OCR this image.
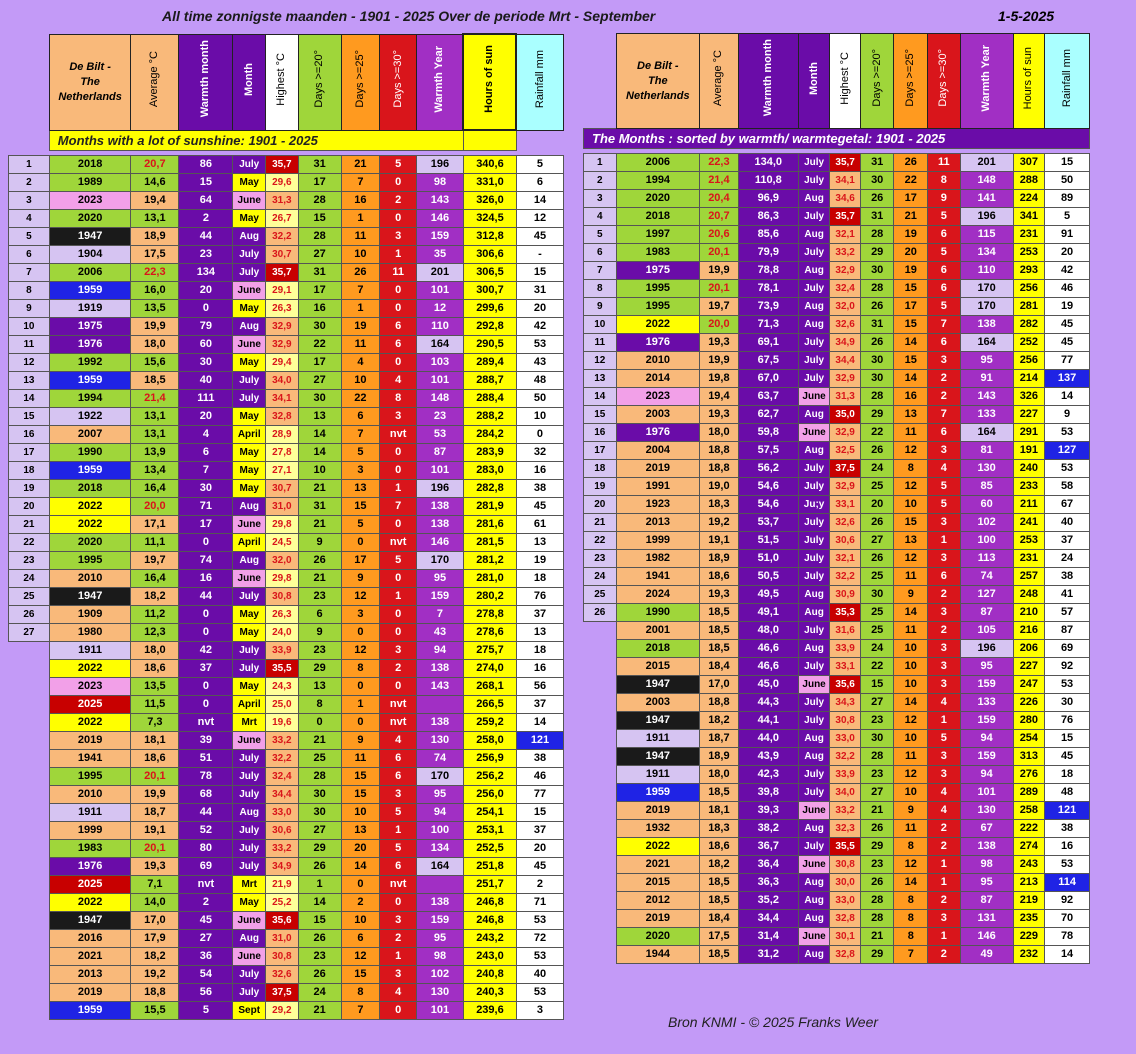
All time zonnigste maanden - 1901 - 2025 Over de periode Mrt - September	1-5-2025

	De Bilt -
The
Netherlands	Average °C	Warmth month	Month	Highest °C	Days >=20°	Days >=25°	Days >=30°	Warmth Year	Hours of sun	Rainfall mm
	Months with a lot of sunshine: 1901 - 2025										

1	2018	20,7	86	July	35,7	31	21	5	196	340,6	5
2	1989	14,6	15	May	29,6	17	7	0	98	331,0	6
3	2023	19,4	64	June	31,3	28	16	2	143	326,0	14
4	2020	13,1	2	May	26,7	15	1	0	146	324,5	12
5	1947	18,9	44	Aug	32,2	28	11	3	159	312,8	45
6	1904	17,5	23	July	30,7	27	10	1	35	306,6	-
7	2006	22,3	134	July	35,7	31	26	11	201	306,5	15
8	1959	16,0	20	June	29,1	17	7	0	101	300,7	31
9	1919	13,5	0	May	26,3	16	1	0	12	299,6	20
10	1975	19,9	79	Aug	32,9	30	19	6	110	292,8	42
11	1976	18,0	60	June	32,9	22	11	6	164	290,5	53
12	1992	15,6	30	May	29,4	17	4	0	103	289,4	43
13	1959	18,5	40	July	34,0	27	10	4	101	288,7	48
14	1994	21,4	111	July	34,1	30	22	8	148	288,4	50
15	1922	13,1	20	May	32,8	13	6	3	23	288,2	10
16	2007	13,1	4	April	28,9	14	7	nvt	53	284,2	0
17	1990	13,9	6	May	27,8	14	5	0	87	283,9	32
18	1959	13,4	7	May	27,1	10	3	0	101	283,0	16
19	2018	16,4	30	May	30,7	21	13	1	196	282,8	38
20	2022	20,0	71	Aug	31,0	31	15	7	138	281,9	45
21	2022	17,1	17	June	29,8	21	5	0	138	281,6	61
22	2020	11,1	0	April	24,5	9	0	nvt	146	281,5	13
23	1995	19,7	74	Aug	32,0	26	17	5	170	281,2	19
24	2010	16,4	16	June	29,8	21	9	0	95	281,0	18
25	1947	18,2	44	July	30,8	23	12	1	159	280,2	76
26	1909	11,2	0	May	26,3	6	3	0	7	278,8	37
27	1980	12,3	0	May	24,0	9	0	0	43	278,6	13
	1911	18,0	42	July	33,9	23	12	3	94	275,7	18
	2022	18,6	37	July	35,5	29	8	2	138	274,0	16
	2023	13,5	0	May	24,3	13	0	0	143	268,1	56
	2025	11,5	0	April	25,0	8	1	nvt		266,5	37
	2022	7,3	nvt	Mrt	19,6	0	0	nvt	138	259,2	14
	2019	18,1	39	June	33,2	21	9	4	130	258,0	121
	1941	18,6	51	July	32,2	25	11	6	74	256,9	38
	1995	20,1	78	July	32,4	28	15	6	170	256,2	46
	2010	19,9	68	July	34,4	30	15	3	95	256,0	77
	1911	18,7	44	Aug	33,0	30	10	5	94	254,1	15
	1999	19,1	52	July	30,6	27	13	1	100	253,1	37
	1983	20,1	80	July	33,2	29	20	5	134	252,5	20
	1976	19,3	69	July	34,9	26	14	6	164	251,8	45
	2025	7,1	nvt	Mrt	21,9	1	0	nvt		251,7	2
	2022	14,0	2	May	25,2	14	2	0	138	246,8	71
	1947	17,0	45	June	35,6	15	10	3	159	246,8	53
	2016	17,9	27	Aug	31,0	26	6	2	95	243,2	72
	2021	18,2	36	June	30,8	23	12	1	98	243,0	53
	2013	19,2	54	July	32,6	26	15	3	102	240,8	40
	2019	18,8	56	July	37,5	24	8	4	130	240,3	53
	1959	15,5	5	Sept	29,2	21	7	0	101	239,6	3

	De Bilt -
The
Netherlands	Average °C	Warmth month	Month	Highest °C	Days >=20°	Days >=25°	Days >=30°	Warmth Year	Hours of sun	Rainfall mm
The Months : sorted by warmth/ warmtegetal: 1901 - 2025											

1	2006	22,3	134,0	July	35,7	31	26	11	201	307	15
2	1994	21,4	110,8	July	34,1	30	22	8	148	288	50
3	2020	20,4	96,9	Aug	34,6	26	17	9	141	224	89
4	2018	20,7	86,3	July	35,7	31	21	5	196	341	5
5	1997	20,6	85,6	Aug	32,1	28	19	6	115	231	91
6	1983	20,1	79,9	July	33,2	29	20	5	134	253	20
7	1975	19,9	78,8	Aug	32,9	30	19	6	110	293	42
8	1995	20,1	78,1	July	32,4	28	15	6	170	256	46
9	1995	19,7	73,9	Aug	32,0	26	17	5	170	281	19
10	2022	20,0	71,3	Aug	32,6	31	15	7	138	282	45
11	1976	19,3	69,1	July	34,9	26	14	6	164	252	45
12	2010	19,9	67,5	July	34,4	30	15	3	95	256	77
13	2014	19,8	67,0	July	32,9	30	14	2	91	214	137
14	2023	19,4	63,7	June	31,3	28	16	2	143	326	14
15	2003	19,3	62,7	Aug	35,0	29	13	7	133	227	9
16	1976	18,0	59,8	June	32,9	22	11	6	164	291	53
17	2004	18,8	57,5	Aug	32,5	26	12	3	81	191	127
18	2019	18,8	56,2	July	37,5	24	8	4	130	240	53
19	1991	19,0	54,6	July	32,9	25	12	5	85	233	58
20	1923	18,3	54,6	Ju;y	33,1	20	10	5	60	211	67
21	2013	19,2	53,7	July	32,6	26	15	3	102	241	40
22	1999	19,1	51,5	July	30,6	27	13	1	100	253	37
23	1982	18,9	51,0	July	32,1	26	12	3	113	231	24
24	1941	18,6	50,5	July	32,2	25	11	6	74	257	38
25	2024	19,3	49,5	Aug	30,9	30	9	2	127	248	41
26	1990	18,5	49,1	Aug	35,3	25	14	3	87	210	57
	2001	18,5	48,0	July	31,6	25	11	2	105	216	87
	2018	18,5	46,6	Aug	33,9	24	10	3	196	206	69
	2015	18,4	46,6	July	33,1	22	10	3	95	227	92
	1947	17,0	45,0	June	35,6	15	10	3	159	247	53
	2003	18,8	44,3	July	34,3	27	14	4	133	226	30
	1947	18,2	44,1	July	30,8	23	12	1	159	280	76
	1911	18,7	44,0	Aug	33,0	30	10	5	94	254	15
	1947	18,9	43,9	Aug	32,2	28	11	3	159	313	45
	1911	18,0	42,3	July	33,9	23	12	3	94	276	18
	1959	18,5	39,8	July	34,0	27	10	4	101	289	48
	2019	18,1	39,3	June	33,2	21	9	4	130	258	121
	1932	18,3	38,2	Aug	32,3	26	11	2	67	222	38
	2022	18,6	36,7	July	35,5	29	8	2	138	274	16
	2021	18,2	36,4	June	30,8	23	12	1	98	243	53
	2015	18,5	36,3	Aug	30,0	26	14	1	95	213	114
	2012	18,5	35,2	Aug	33,0	28	8	2	87	219	92
	2019	18,4	34,4	Aug	32,8	28	8	3	131	235	70
	2020	17,5	31,4	June	30,1	21	8	1	146	229	78
	1944	18,5	31,2	Aug	32,8	29	7	2	49	232	14
Bron KNMI - © 2025 Franks Weer
